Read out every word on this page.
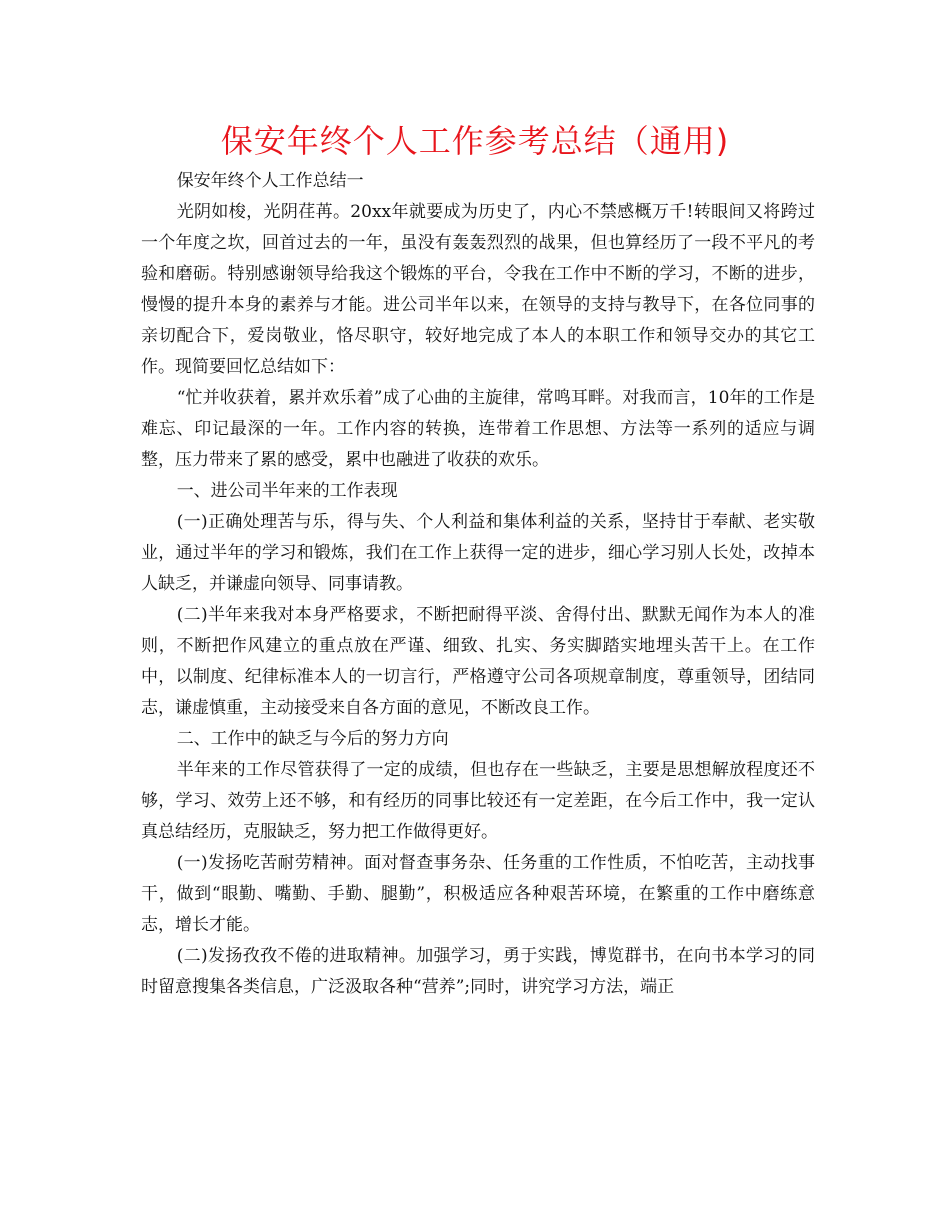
保安年终个人工作参考总结（通用)

保安年终个人工作总结一

光阴如梭，光阴荏苒。20xx年就要成为历史了，内心不禁感概万千!转眼间又将跨过一个年度之坎，回首过去的一年，虽没有轰轰烈烈的战果，但也算经历了一段不平凡的考验和磨砺。特别感谢领导给我这个锻炼的平台，令我在工作中不断的学习，不断的进步，慢慢的提升本身的素养与才能。进公司半年以来，在领导的支持与教导下，在各位同事的亲切配合下，爱岗敬业，恪尽职守，较好地完成了本人的本职工作和领导交办的其它工作。现简要回忆总结如下：

“忙并收获着，累并欢乐着”成了心曲的主旋律，常鸣耳畔。对我而言，10年的工作是难忘、印记最深的一年。工作内容的转换，连带着工作思想、方法等一系列的适应与调整，压力带来了累的感受，累中也融进了收获的欢乐。

一、进公司半年来的工作表现

(一)正确处理苦与乐，得与失、个人利益和集体利益的关系，坚持甘于奉献、老实敬业，通过半年的学习和锻炼，我们在工作上获得一定的进步，细心学习别人长处，改掉本人缺乏，并谦虚向领导、同事请教。

(二)半年来我对本身严格要求，不断把耐得平淡、舍得付出、默默无闻作为本人的准则，不断把作风建立的重点放在严谨、细致、扎实、务实脚踏实地埋头苦干上。在工作中，以制度、纪律标准本人的一切言行，严格遵守公司各项规章制度，尊重领导，团结同志，谦虚慎重，主动接受来自各方面的意见，不断改良工作。

二、工作中的缺乏与今后的努力方向

半年来的工作尽管获得了一定的成绩，但也存在一些缺乏，主要是思想解放程度还不够，学习、效劳上还不够，和有经历的同事比较还有一定差距，在今后工作中，我一定认真总结经历，克服缺乏，努力把工作做得更好。

(一)发扬吃苦耐劳精神。面对督查事务杂、任务重的工作性质，不怕吃苦，主动找事干，做到“眼勤、嘴勤、手勤、腿勤”，积极适应各种艰苦环境，在繁重的工作中磨练意志，增长才能。

(二)发扬孜孜不倦的进取精神。加强学习，勇于实践，博览群书，在向书本学习的同时留意搜集各类信息，广泛汲取各种“营养”;同时，讲究学习方法，端正
